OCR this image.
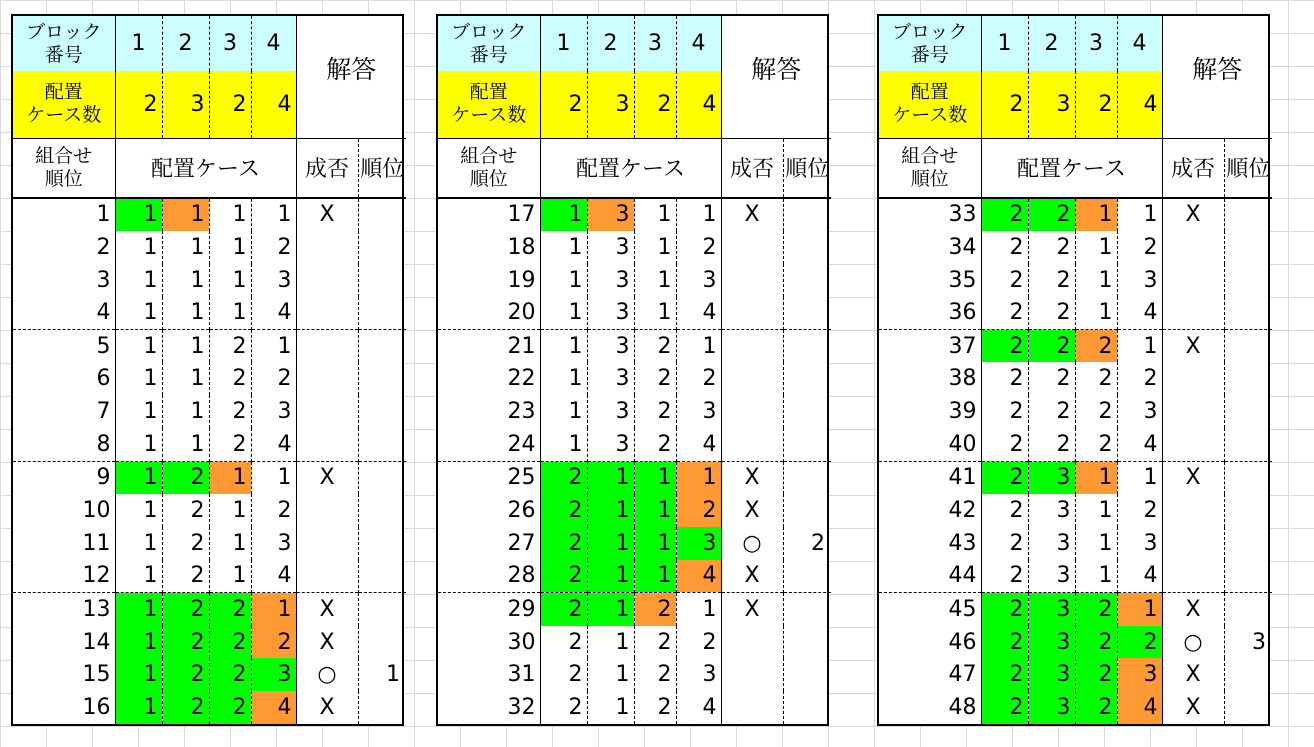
ブロック
番号	1	2	3	4	解答	
配置
ケース数	2	3	2	4		
組合せ
順位	配置ケース				成否	順位
1	1	1	1	1	X	
2	1	1	1	2		
3	1	1	1	3		
4	1	1	1	4		
5	1	1	2	1		
6	1	1	2	2		
7	1	1	2	3		
8	1	1	2	4		
9	1	2	1	1	X	
10	1	2	1	2		
11	1	2	1	3		
12	1	2	1	4		
13	1	2	2	1	X	
14	1	2	2	2	X	
15	1	2	2	3	○	1
16	1	2	2	4	X	
ブロック
番号	1	2	3	4	解答	
配置
ケース数	2	3	2	4		
組合せ
順位	配置ケース				成否	順位
17	1	3	1	1	X	
18	1	3	1	2		
19	1	3	1	3		
20	1	3	1	4		
21	1	3	2	1		
22	1	3	2	2		
23	1	3	2	3		
24	1	3	2	4		
25	2	1	1	1	X	
26	2	1	1	2	X	
27	2	1	1	3	○	2
28	2	1	1	4	X	
29	2	1	2	1	X	
30	2	1	2	2		
31	2	1	2	3		
32	2	1	2	4		
ブロック
番号	1	2	3	4	解答	
配置
ケース数	2	3	2	4		
組合せ
順位	配置ケース				成否	順位
33	2	2	1	1	X	
34	2	2	1	2		
35	2	2	1	3		
36	2	2	1	4		
37	2	2	2	1	X	
38	2	2	2	2		
39	2	2	2	3		
40	2	2	2	4		
41	2	3	1	1	X	
42	2	3	1	2		
43	2	3	1	3		
44	2	3	1	4		
45	2	3	2	1	X	
46	2	3	2	2	○	3
47	2	3	2	3	X	
48	2	3	2	4	X	
